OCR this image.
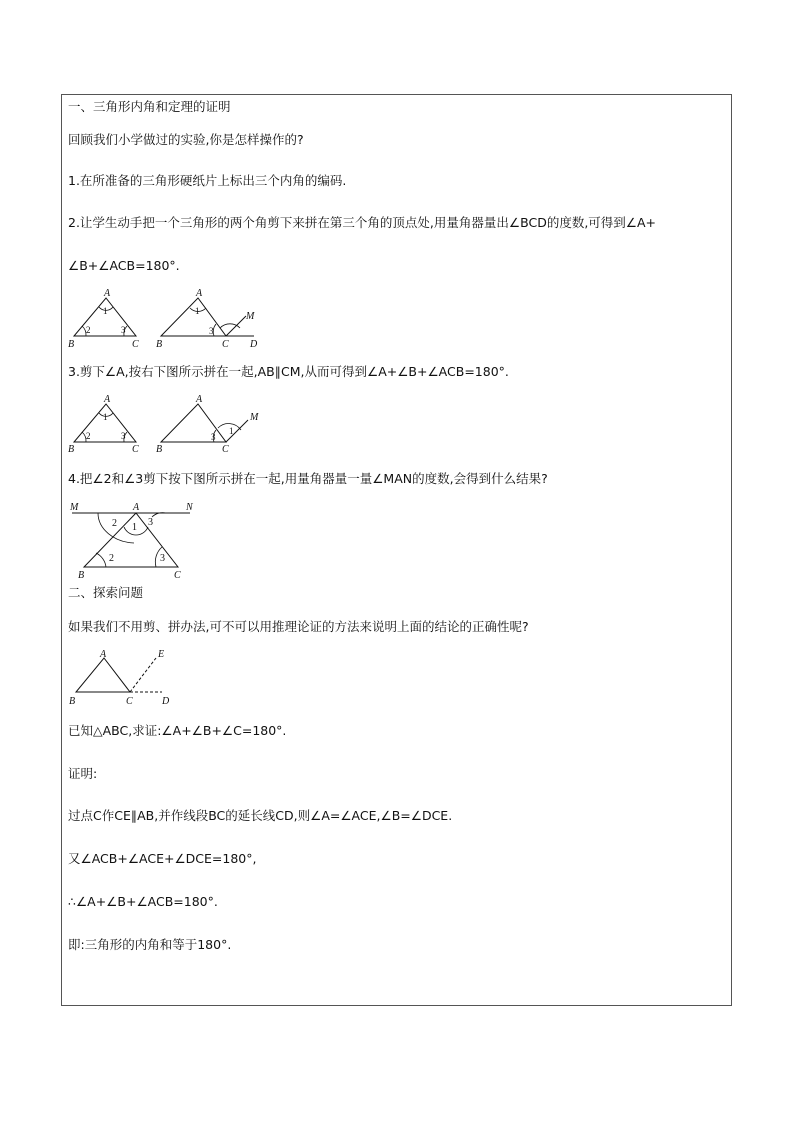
一、三角形内角和定理的证明
回顾我们小学做过的实验,你是怎样操作的?
1.在所准备的三角形硬纸片上标出三个内角的编码.
2.让学生动手把一个三角形的两个角剪下来拼在第三个角的顶点处,用量角器量出∠BCD的度数,可得到∠A+
∠B+∠ACB=180°.
A
B	C
1
2	3
A
B	C D
M
1
3
3.剪下∠A,按右下图所示拼在一起,AB∥CM,从而可得到∠A+∠B+∠ACB=180°.
A
B	C
1
2	3
A
B	C
M
3
1
4.把∠2和∠3剪下按下图所示拼在一起,用量角器量一量∠MAN的度数,会得到什么结果?
M	A	N
B	C
2 1 3
2	3
二、探索问题
如果我们不用剪、拼办法,可不可以用推理论证的方法来说明上面的结论的正确性呢?
A	E
B	C	D
已知△ABC,求证:∠A+∠B+∠C=180°.
证明:
过点C作CE∥AB,并作线段BC的延长线CD,则∠A=∠ACE,∠B=∠DCE.
又∠ACB+∠ACE+∠DCE=180°,
∴∠A+∠B+∠ACB=180°.
即:三角形的内角和等于180°.
